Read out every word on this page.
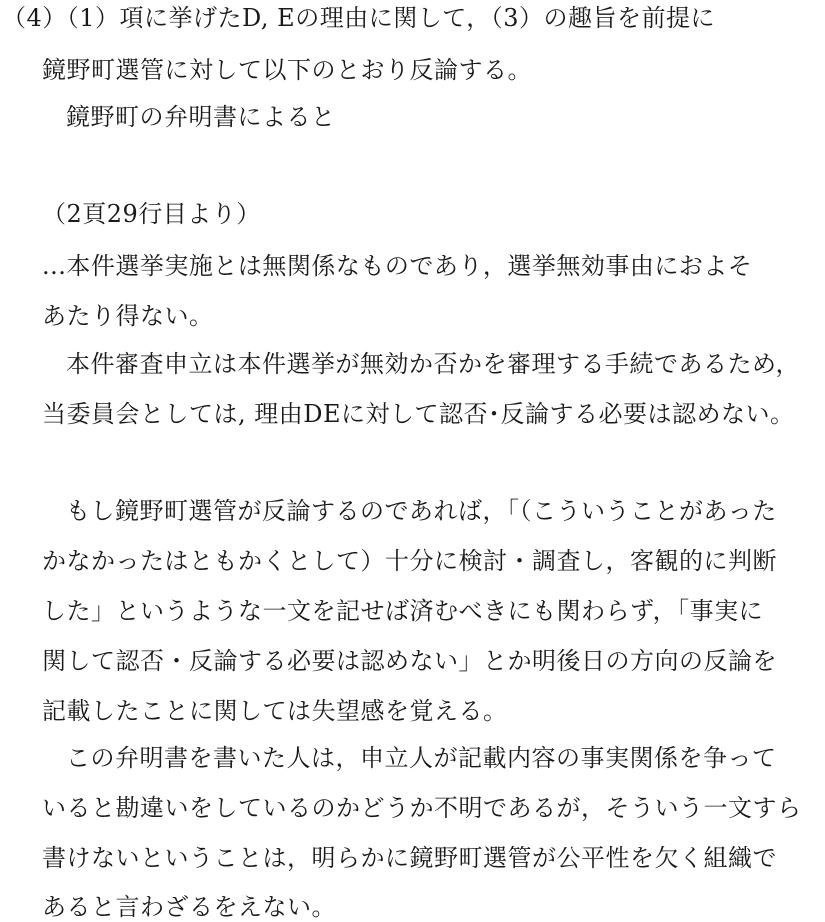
（4）（1）項に挙げたD, Eの理由に関して，（3）の趣旨を前提に
鏡野町選管に対して以下のとおり反論する。
鏡野町の弁明書によると
（2頁29行目より）
...本件選挙実施とは無関係なものであり，選挙無効事由におよそ
あたり得ない。
本件審査申立は本件選挙が無効か否かを審理する手続であるため，
当委員会としては, 理由DEに対して認否･反論する必要は認めない。
もし鏡野町選管が反論するのであれば，「（こういうことがあった
かなかったはともかくとして）十分に検討・調査し，客観的に判断
した」というような一文を記せば済むべきにも関わらず，「事実に
関して認否・反論する必要は認めない」とか明後日の方向の反論を
記載したことに関しては失望感を覚える。
この弁明書を書いた人は，申立人が記載内容の事実関係を争って
いると勘違いをしているのかどうか不明であるが，そういう一文すら
書けないということは，明らかに鏡野町選管が公平性を欠く組織で
あると言わざるをえない。
